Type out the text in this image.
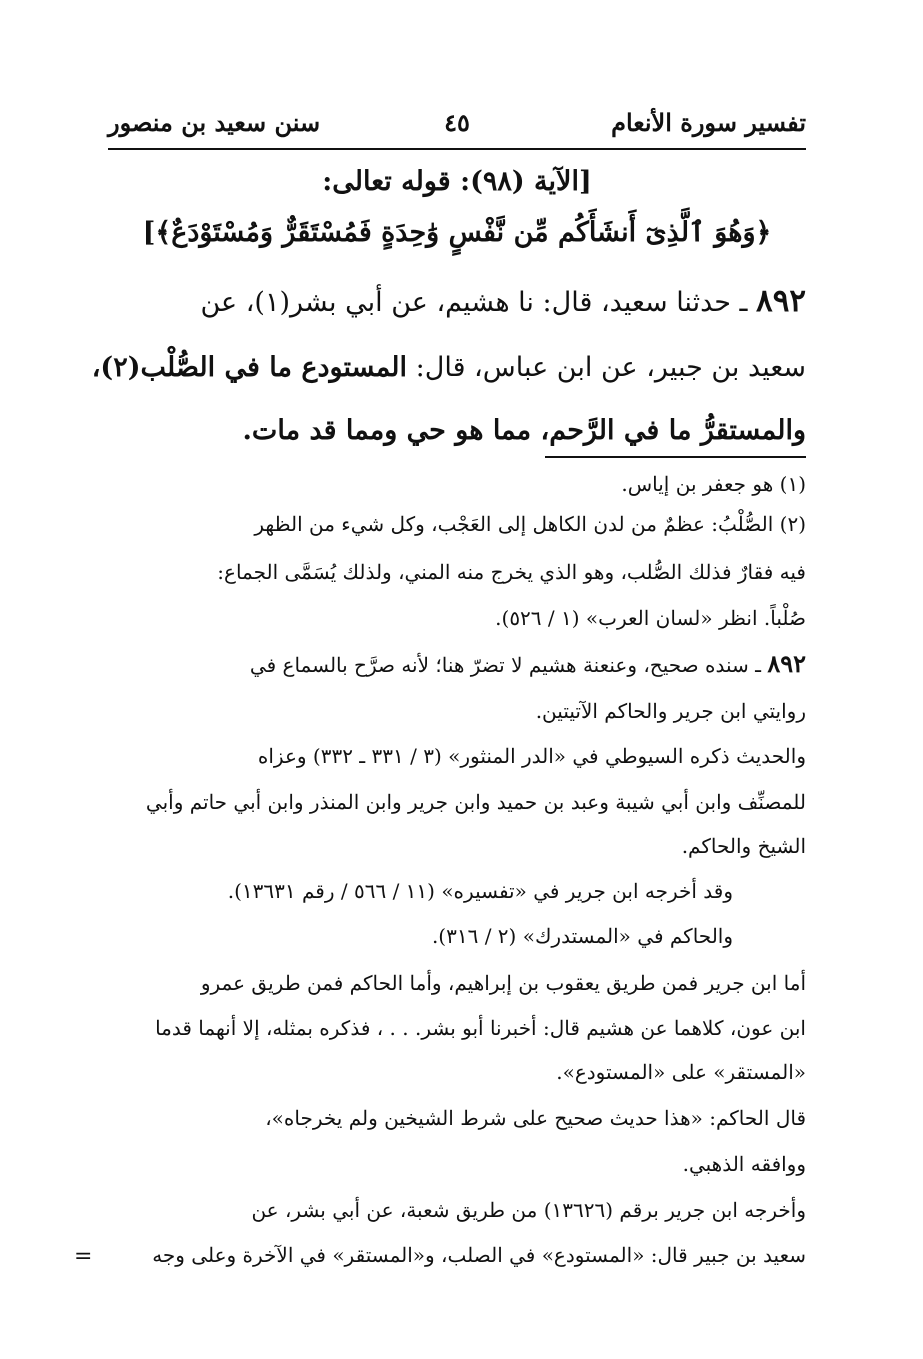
تفسير سورة الأنعام
٤٥
سنن سعيد بن منصور
[الآية (٩٨): قوله تعالى:
﴿وَهُوَ ٱلَّذِىٓ أَنشَأَكُم مِّن نَّفْسٍ وَٰحِدَةٍ فَمُسْتَقَرٌّ وَمُسْتَوْدَعٌ﴾]
٨٩٢ ـ حدثنا سعيد، قال: نا هشيم، عن أبي بشر(١)، عن
سعيد بن جبير، عن ابن عباس، قال: المستودع ما في الصُّلْب(٢)،
والمستقرُّ ما في الرَّحم، مما هو حي ومما قد مات.
(١) هو جعفر بن إياس.
(٢) الصُّلْبُ: عظمٌ من لدن الكاهل إلى العَجْب، وكل شيء من الظهر
فيه فقارٌ فذلك الصُّلب، وهو الذي يخرج منه المني، ولذلك يُسَمَّى الجماع:
صُلْباً. انظر «لسان العرب» (١ / ٥٢٦).
٨٩٢ ـ سنده صحيح، وعنعنة هشيم لا تضرّ هنا؛ لأنه صرَّح بالسماع في
روايتي ابن جرير والحاكم الآتيتين.
والحديث ذكره السيوطي في «الدر المنثور» (٣ / ٣٣١ ـ ٣٣٢) وعزاه
للمصنِّف وابن أبي شيبة وعبد بن حميد وابن جرير وابن المنذر وابن أبي حاتم وأبي
الشيخ والحاكم.
وقد أخرجه ابن جرير في «تفسيره» (١١ / ٥٦٦ / رقم ١٣٦٣١).
والحاكم في «المستدرك» (٢ / ٣١٦).
أما ابن جرير فمن طريق يعقوب بن إبراهيم، وأما الحاكم فمن طريق عمرو
ابن عون، كلاهما عن هشيم قال: أخبرنا أبو بشر. . . ، فذكره بمثله، إلا أنهما قدما
«المستقر» على «المستودع».
قال الحاكم: «هذا حديث صحيح على شرط الشيخين ولم يخرجاه»،
ووافقه الذهبي.
وأخرجه ابن جرير برقم (١٣٦٢٦) من طريق شعبة، عن أبي بشر، عن
سعيد بن جبير قال: «المستودع» في الصلب، و«المستقر» في الآخرة وعلى وجه
=
